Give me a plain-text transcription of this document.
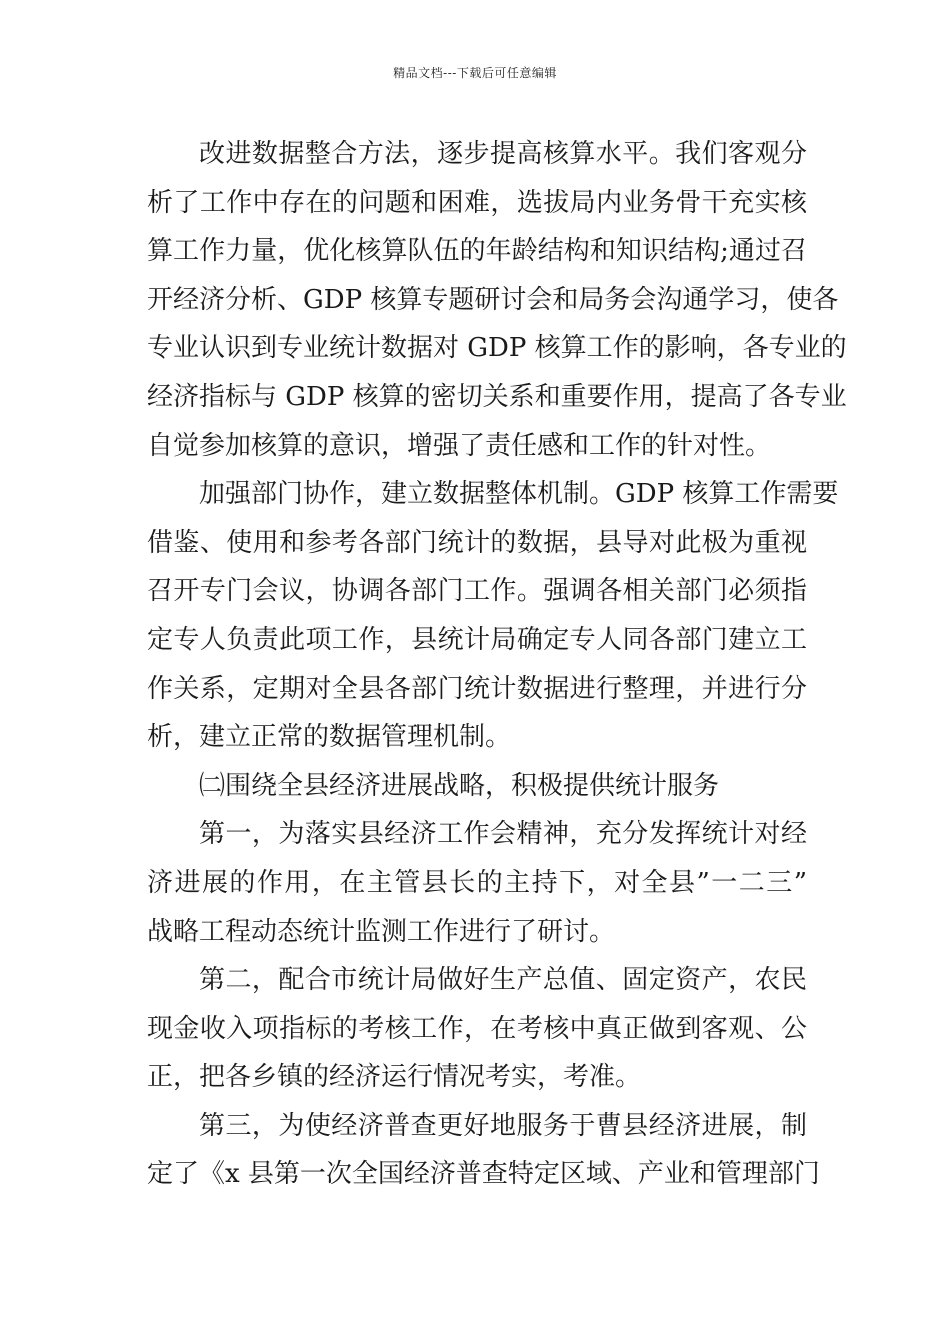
精品文档---下载后可任意编辑
改进数据整合方法，逐步提高核算水平。我们客观分
析了工作中存在的问题和困难，选拔局内业务骨干充实核
算工作力量，优化核算队伍的年龄结构和知识结构;通过召
开经济分析、GDP 核算专题研讨会和局务会沟通学习，使各
专业认识到专业统计数据对 GDP 核算工作的影响，各专业的
经济指标与 GDP 核算的密切关系和重要作用，提高了各专业
自觉参加核算的意识，增强了责任感和工作的针对性。
加强部门协作，建立数据整体机制。GDP 核算工作需要
借鉴、使用和参考各部门统计的数据，县导对此极为重视
召开专门会议，协调各部门工作。强调各相关部门必须指
定专人负责此项工作，县统计局确定专人同各部门建立工
作关系，定期对全县各部门统计数据进行整理，并进行分
析，建立正常的数据管理机制。
㈡围绕全县经济进展战略，积极提供统计服务
第一，为落实县经济工作会精神，充分发挥统计对经
济进展的作用，在主管县长的主持下，对全县”一二三”
战略工程动态统计监测工作进行了研讨。
第二，配合市统计局做好生产总值、固定资产，农民
现金收入项指标的考核工作，在考核中真正做到客观、公
正，把各乡镇的经济运行情况考实，考准。
第三，为使经济普查更好地服务于曹县经济进展，制
定了《x 县第一次全国经济普查特定区域、产业和管理部门
